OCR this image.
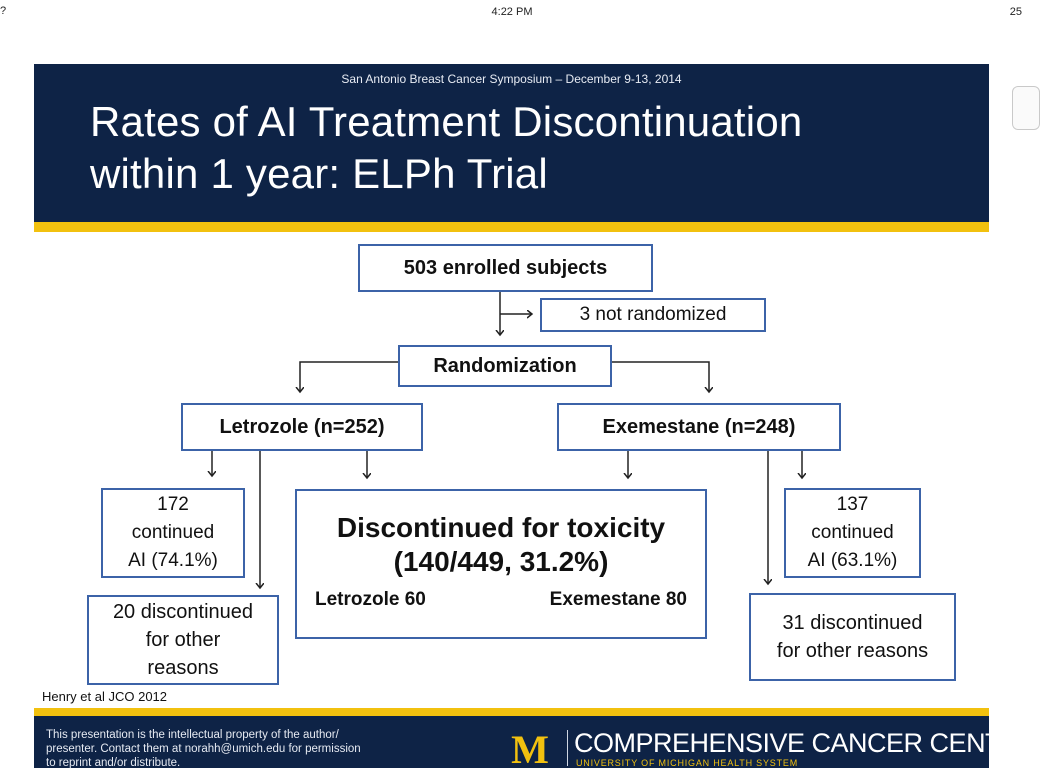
?	4:22 PM	25
San Antonio Breast Cancer Symposium – December 9-13, 2014
Rates of AI Treatment Discontinuation
within 1 year: ELPh Trial
503 enrolled subjects
3 not randomized
Randomization
Letrozole (n=252)	Exemestane (n=248)
172
continued
AI (74.1%)
20 discontinued
for other
reasons
Discontinued for toxicity
(140/449, 31.2%)
Letrozole 60	Exemestane 80
137
continued
AI (63.1%)
31 discontinued
for other reasons
Henry et al JCO 2012
This presentation is the intellectual property of the author/
presenter. Contact them at norahh@umich.edu for permission
to reprint and/or distribute.	M COMPREHENSIVE CANCER CENTER
UNIVERSITY OF MICHIGAN HEALTH SYSTEM
